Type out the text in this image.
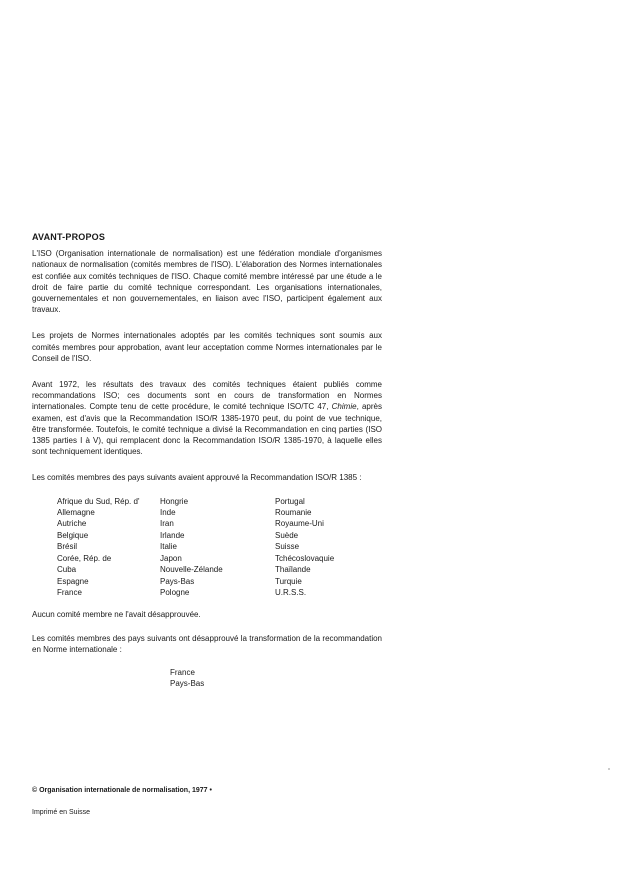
AVANT-PROPOS

L'ISO (Organisation internationale de normalisation) est une fédération mondiale d'organismes nationaux de normalisation (comités membres de l'ISO). L'élaboration des Normes internationales est confiée aux comités techniques de l'ISO. Chaque comité membre intéressé par une étude a le droit de faire partie du comité technique correspondant. Les organisations internationales, gouvernementales et non gouvernementales, en liaison avec l'ISO, participent également aux travaux.

Les projets de Normes internationales adoptés par les comités techniques sont soumis aux comités membres pour approbation, avant leur acceptation comme Normes internationales par le Conseil de l'ISO.

Avant 1972, les résultats des travaux des comités techniques étaient publiés comme recommandations ISO; ces documents sont en cours de transformation en Normes internationales. Compte tenu de cette procédure, le comité technique ISO/TC 47, Chimie, après examen, est d'avis que la Recommandation ISO/R 1385-1970 peut, du point de vue technique, être transformée. Toutefois, le comité technique a divisé la Recommandation en cinq parties (ISO 1385 parties I à V), qui remplacent donc la Recommandation ISO/R 1385-1970, à laquelle elles sont techniquement identiques.

Les comités membres des pays suivants avaient approuvé la Recommandation ISO/R 1385 :

Afrique du Sud, Rép. d'
Allemagne
Autriche
Belgique
Brésil
Corée, Rép. de
Cuba
Espagne
France
Hongrie
Inde
Iran
Irlande
Italie
Japon
Nouvelle-Zélande
Pays-Bas
Pologne
Portugal
Roumanie
Royaume-Uni
Suède
Suisse
Tchécoslovaquie
Thaïlande
Turquie
U.R.S.S.

Aucun comité membre ne l'avait désapprouvée.

Les comités membres des pays suivants ont désapprouvé la transformation de la recommandation en Norme internationale :

France
Pays-Bas
© Organisation internationale de normalisation, 1977 •
Imprimé en Suisse
